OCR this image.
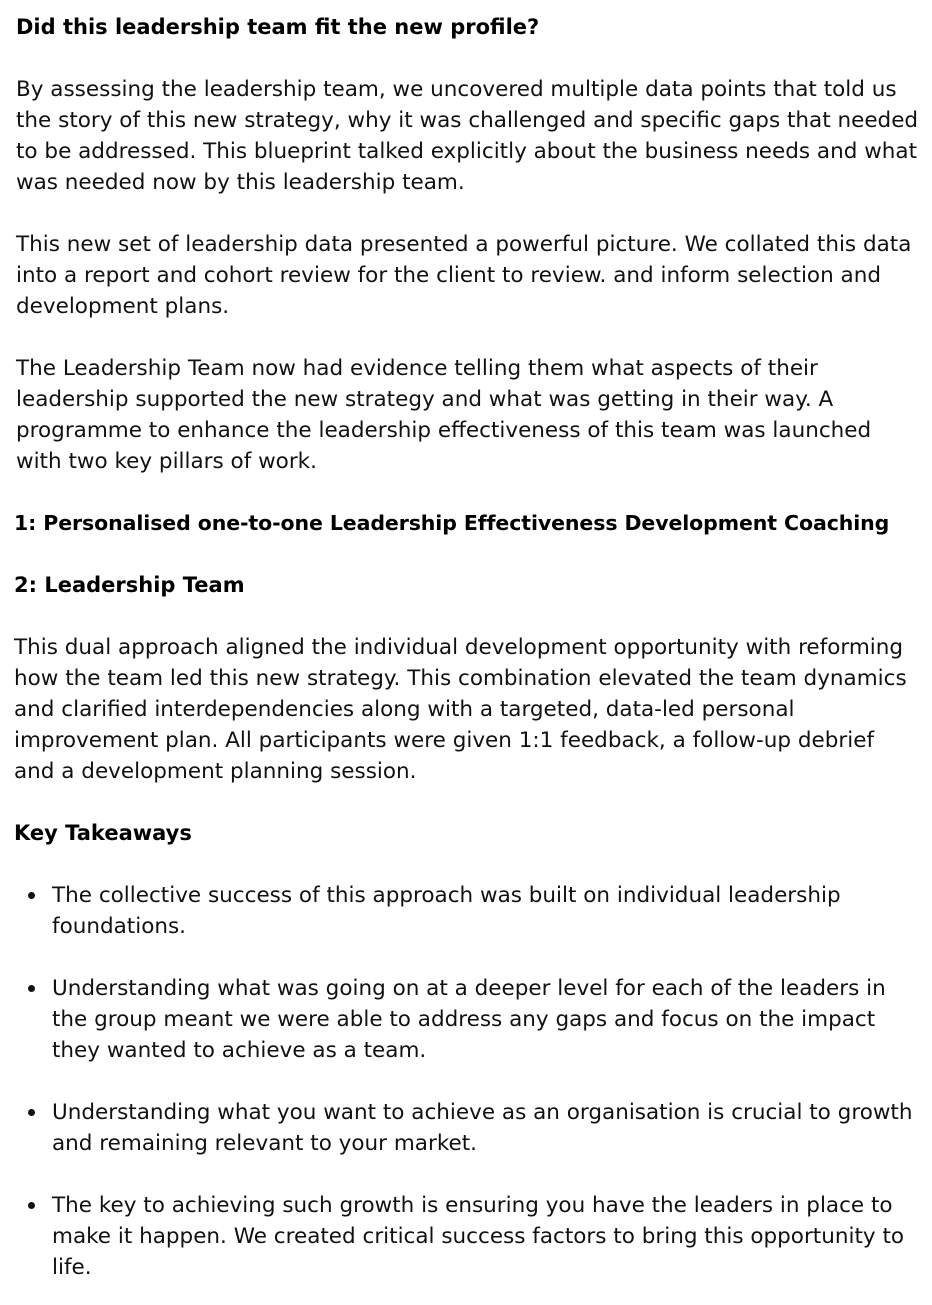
Did this leadership team fit the new profile?

By assessing the leadership team, we uncovered multiple data points that told us the story of this new strategy, why it was challenged and specific gaps that needed to be addressed. This blueprint talked explicitly about the business needs and what was needed now by this leadership team.

This new set of leadership data presented a powerful picture. We collated this data into a report and cohort review for the client to review. and inform selection and development plans.

The Leadership Team now had evidence telling them what aspects of their leadership supported the new strategy and what was getting in their way. A programme to enhance the leadership effectiveness of this team was launched with two key pillars of work.

1: Personalised one-to-one Leadership Effectiveness Development Coaching
2: Leadership Team

This dual approach aligned the individual development opportunity with reforming how the team led this new strategy. This combination elevated the team dynamics and clarified interdependencies along with a targeted, data-led personal improvement plan. All participants were given 1:1 feedback, a follow-up debrief and a development planning session.

Key Takeaways
The collective success of this approach was built on individual leadership foundations.
Understanding what was going on at a deeper level for each of the leaders in the group meant we were able to address any gaps and focus on the impact they wanted to achieve as a team.
Understanding what you want to achieve as an organisation is crucial to growth and remaining relevant to your market.
The key to achieving such growth is ensuring you have the leaders in place to make it happen. We created critical success factors to bring this opportunity to life.
